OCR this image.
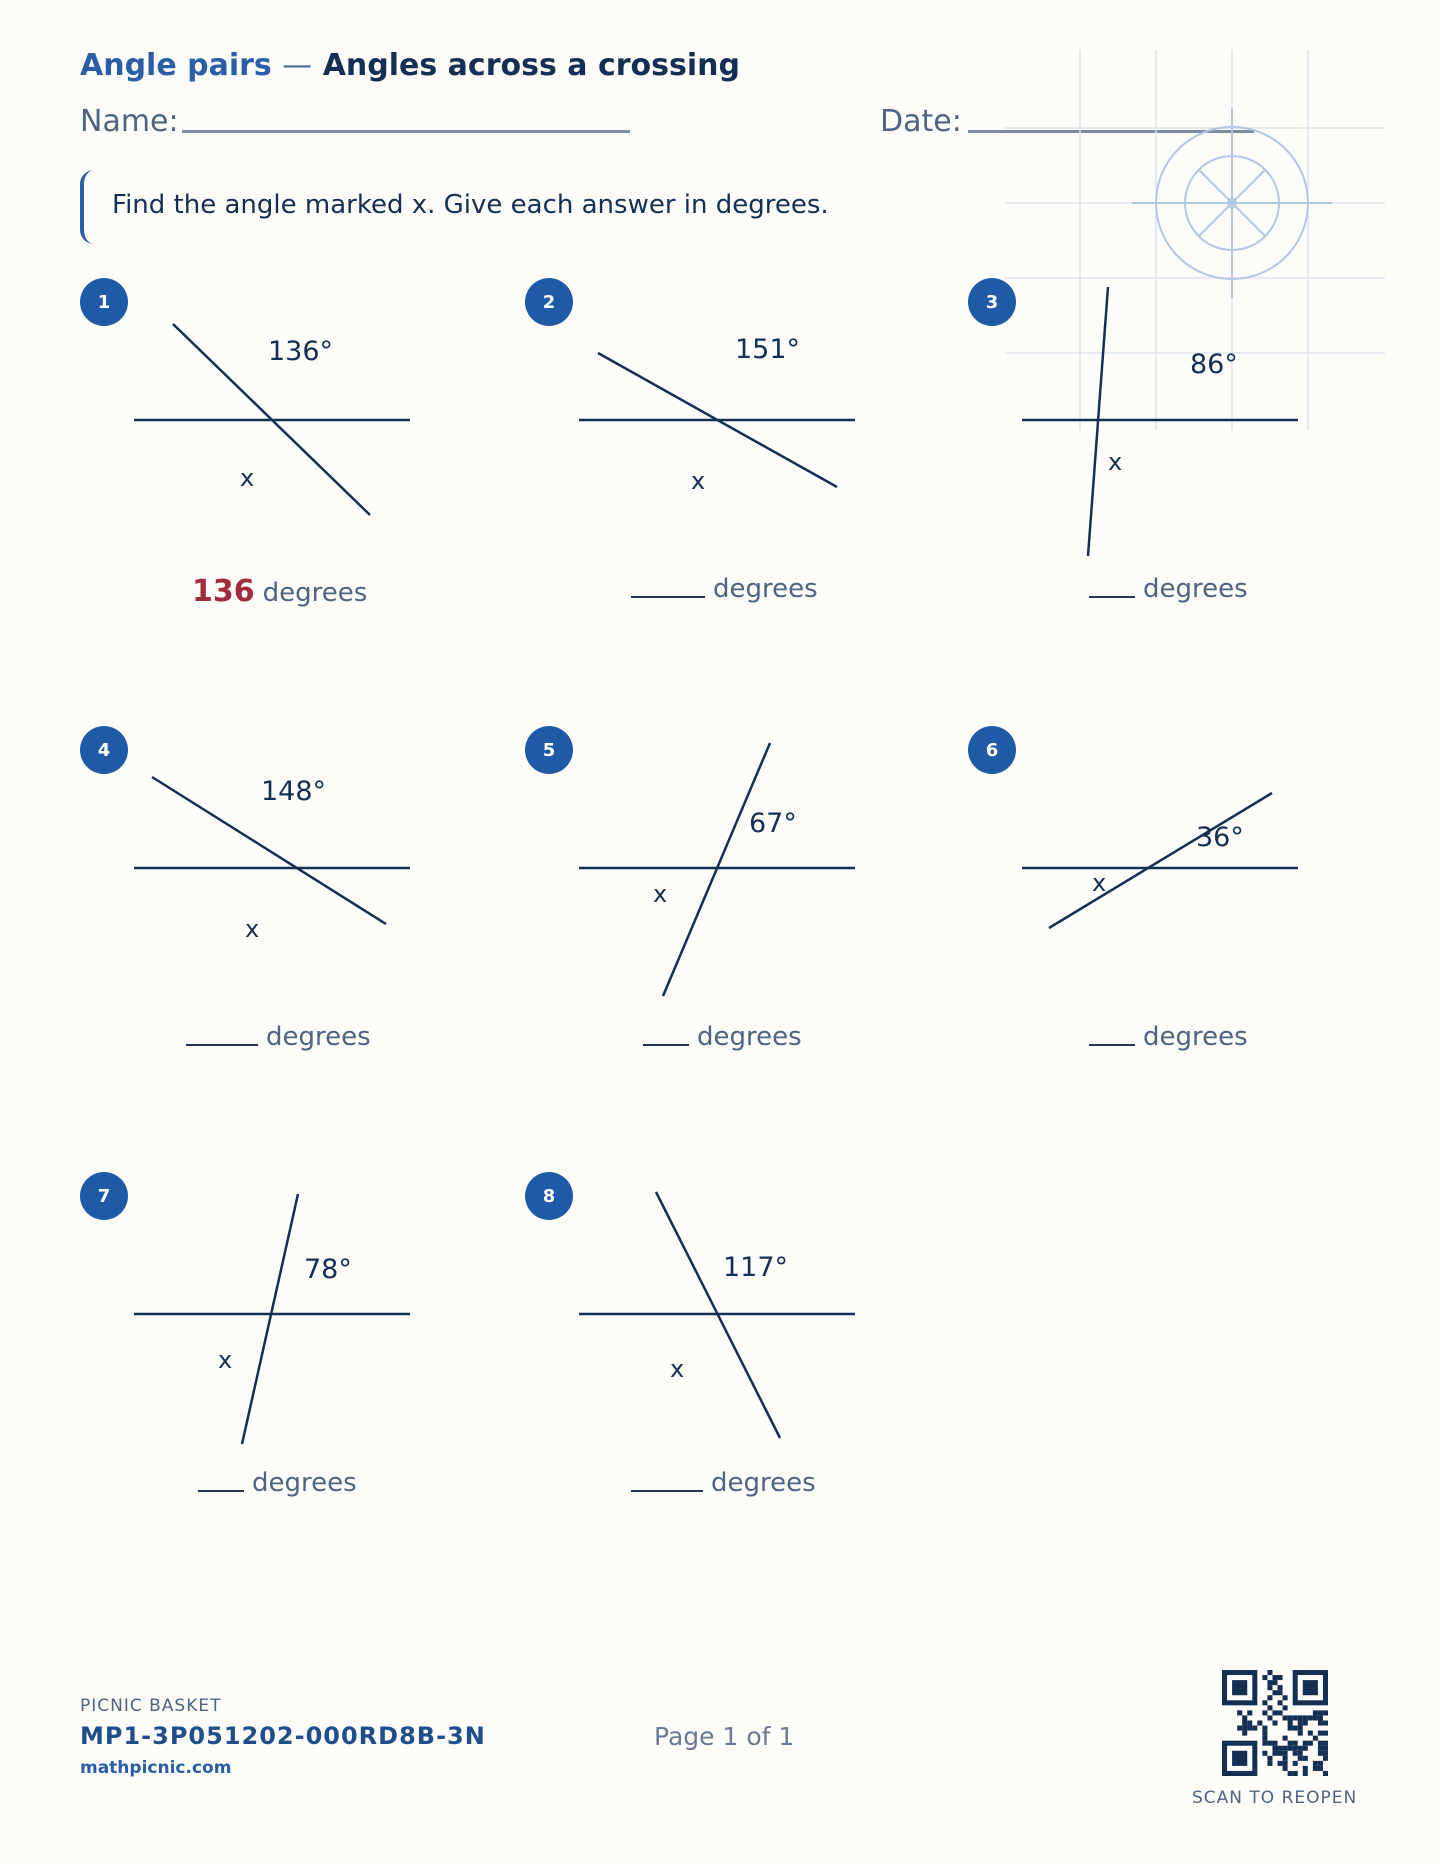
Angle pairs — Angles across a crossing
Name:	Date:
Find the angle marked x. Give each answer in degrees.
136°
x
1
136 degrees
151°
x
2
degrees
86°
x
3
degrees
148°
x
4
degrees
67°
x
5
degrees
36°
x
6
degrees
78°
x
7
degrees
117°
x
8
degrees
PICNIC BASKET
MP1-3P051202-000RD8B-3N
mathpicnic.com
Page 1 of 1
SCAN TO REOPEN
